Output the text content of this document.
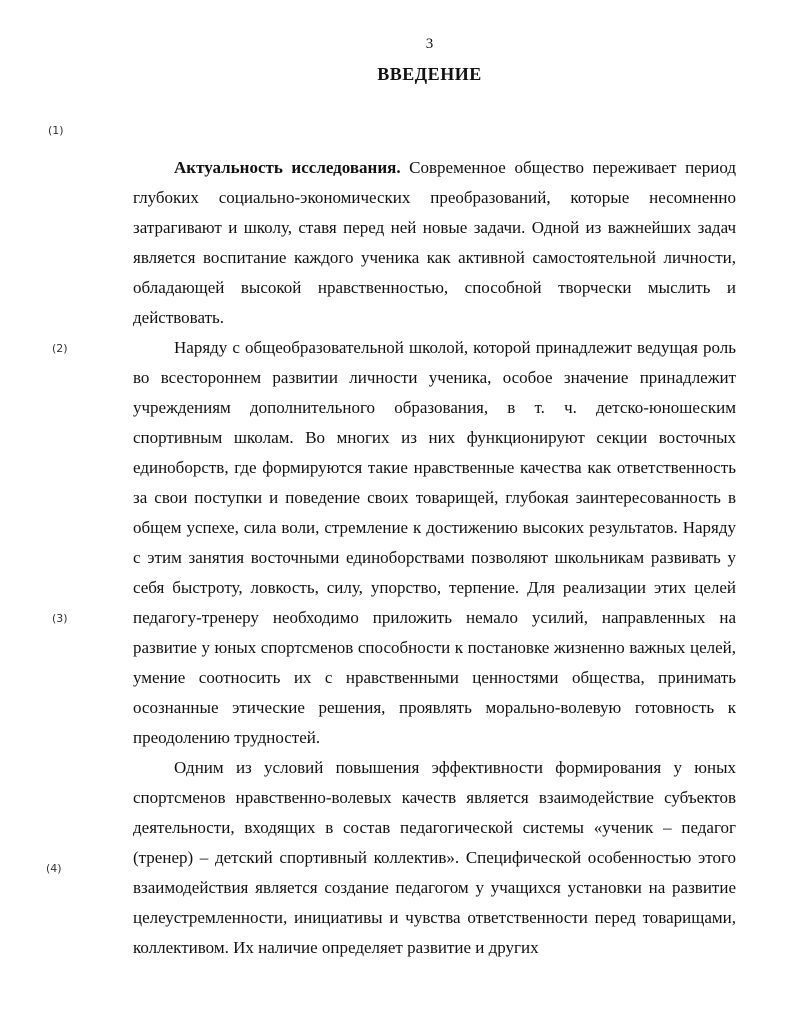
3
ВВЕДЕНИЕ
(1)
(2)
(3)
(4)

Актуальность исследования. Современное общество переживает период глубоких социально-экономических преобразований, которые несомненно затрагивают и школу, ставя перед ней новые задачи. Одной из важнейших задач является воспитание каждого ученика как активной самостоятельной личности, обладающей высокой нравственностью, способной творчески мыслить и действовать.

Наряду с общеобразовательной школой, которой принадлежит ведущая роль во всестороннем развитии личности ученика, особое значение принадлежит учреждениям дополнительного образования, в т. ч. детско-юношеским спортивным школам. Во многих из них функционируют секции восточных единоборств, где формируются такие нравственные качества как ответственность за свои поступки и поведение своих товарищей, глубокая заинтересованность в общем успехе, сила воли, стремление к достижению высоких результатов. Наряду с этим занятия восточными единоборствами позволяют школьникам развивать у себя быстроту, ловкость, силу, упорство, терпение. Для реализации этих целей педагогу-тренеру необходимо приложить немало усилий, направленных на развитие у юных спортсменов способности к постановке жизненно важных целей, умение соотносить их с нравственными ценностями общества, принимать осознанные этические решения, проявлять морально-волевую готовность к преодолению трудностей.

Одним из условий повышения эффективности формирования у юных спортсменов нравственно-волевых качеств является взаимодействие субъектов деятельности, входящих в состав педагогической системы «ученик – педагог (тренер) – детский спортивный коллектив». Специфической особенностью этого взаимодействия является создание педагогом у учащихся установки на развитие целеустремленности, инициативы и чувства ответственности перед товарищами, коллективом. Их наличие определяет развитие и других
